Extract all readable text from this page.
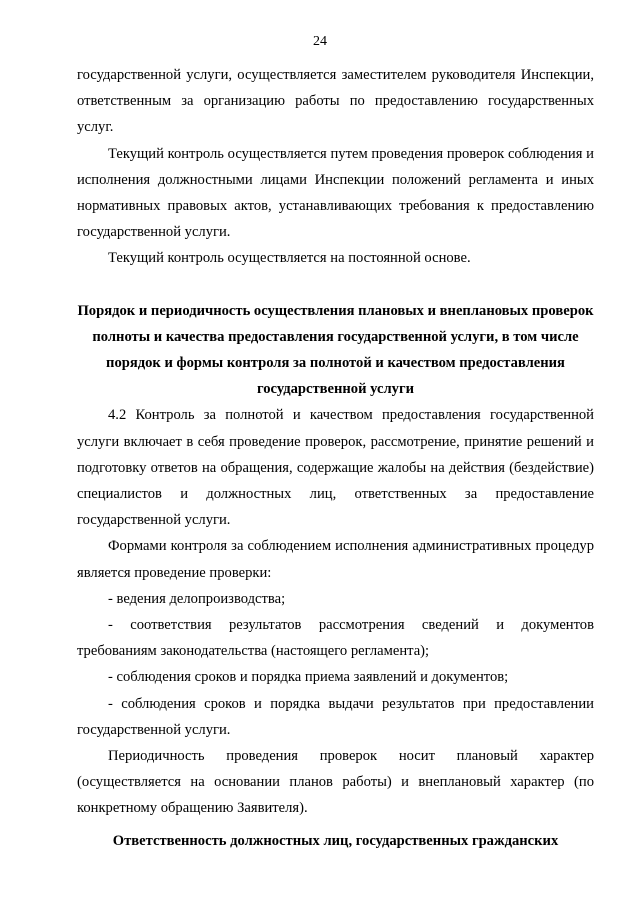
24

государственной услуги, осуществляется заместителем руководителя Инспекции, ответственным за организацию работы по предоставлению государственных услуг.

Текущий контроль осуществляется путем проведения проверок соблюдения и исполнения должностными лицами Инспекции положений регламента и иных нормативных правовых актов, устанавливающих требования к предоставлению государственной услуги.

Текущий контроль осуществляется на постоянной основе.

Порядок и периодичность осуществления плановых и внеплановых проверок полноты и качества предоставления государственной услуги, в том числе порядок и формы контроля за полнотой и качеством предоставления государственной услуги

4.2 Контроль за полнотой и качеством предоставления государственной услуги включает в себя проведение проверок, рассмотрение, принятие решений и подготовку ответов на обращения, содержащие жалобы на действия (бездействие) специалистов и должностных лиц, ответственных за предоставление государственной услуги.

Формами контроля за соблюдением исполнения административных процедур является проведение проверки:

- ведения делопроизводства;

- соответствия результатов рассмотрения сведений и документов требованиям законодательства (настоящего регламента);

- соблюдения сроков и порядка приема заявлений и документов;

- соблюдения сроков и порядка выдачи результатов при предоставлении государственной услуги.

Периодичность проведения проверок носит плановый характер (осуществляется на основании планов работы) и внеплановый характер (по конкретному обращению Заявителя).

Ответственность должностных лиц, государственных гражданских
